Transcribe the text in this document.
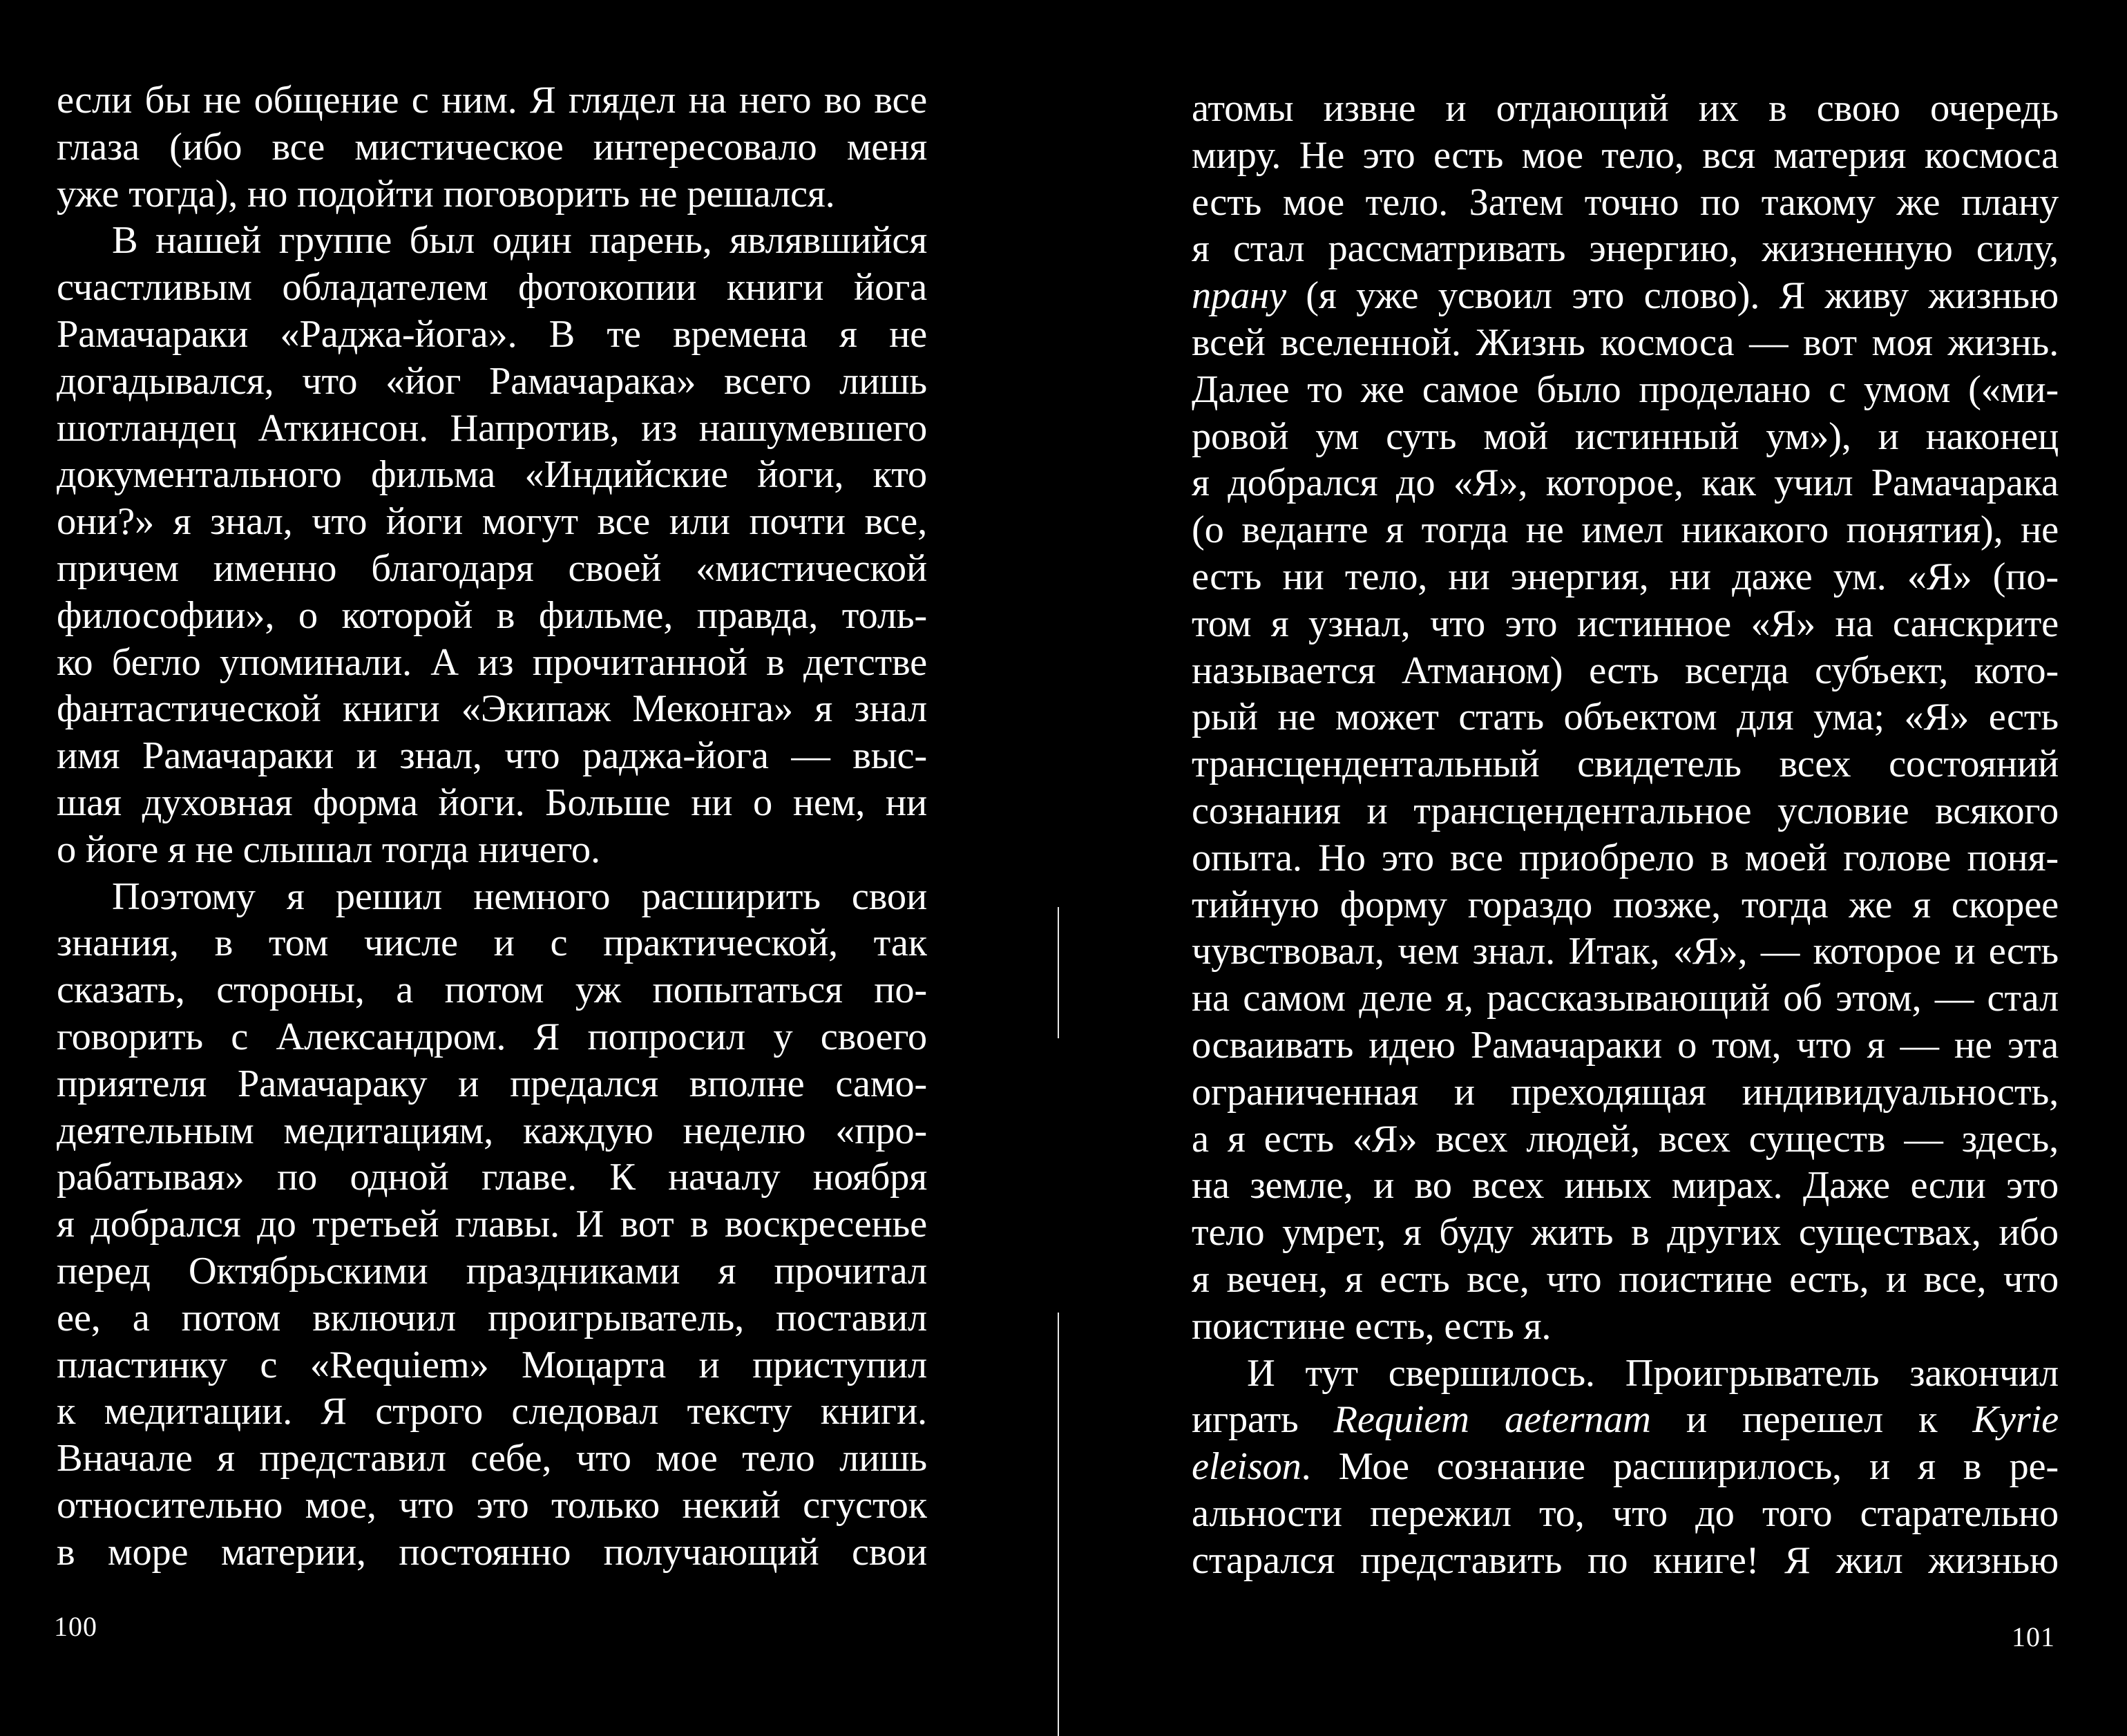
если бы не общение с ним. Я глядел на него во все
глаза (ибо все мистическое интересовало меня
уже тогда), но подойти поговорить не решался.
В нашей группе был один парень, являвшийся
счастливым обладателем фотокопии книги йога
Рамачараки «Раджа-йога». В те времена я не
догадывался, что «йог Рамачарака» всего лишь
шотландец Аткинсон. Напротив, из нашумевшего
документального фильма «Индийские йоги, кто
они?» я знал, что йоги могут все или почти все,
причем именно благодаря своей «мистической
философии», о которой в фильме, правда, толь-
ко бегло упоминали. А из прочитанной в детстве
фантастической книги «Экипаж Меконга» я знал
имя Рамачараки и знал, что раджа-йога — выс-
шая духовная форма йоги. Больше ни о нем, ни
о йоге я не слышал тогда ничего.
Поэтому я решил немного расширить свои
знания, в том числе и с практической, так
сказать, стороны, а потом уж попытаться по-
говорить с Александром. Я попросил у своего
приятеля Рамачараку и предался вполне само-
деятельным медитациям, каждую неделю «про-
рабатывая» по одной главе. К началу ноября
я добрался до третьей главы. И вот в воскресенье
перед Октябрьскими праздниками я прочитал
ее, а потом включил проигрыватель, поставил
пластинку с «Requiem» Моцарта и приступил
к медитации. Я строго следовал тексту книги.
Вначале я представил себе, что мое тело лишь
относительно мое, что это только некий сгусток
в море материи, постоянно получающий свои
100
атомы извне и отдающий их в свою очередь
миру. Не это есть мое тело, вся материя космоса
есть мое тело. Затем точно по такому же плану
я стал рассматривать энергию, жизненную силу,
прану (я уже усвоил это слово). Я живу жизнью
всей вселенной. Жизнь космоса — вот моя жизнь.
Далее то же самое было проделано с умом («ми-
ровой ум суть мой истинный ум»), и наконец
я добрался до «Я», которое, как учил Рамачарака
(о веданте я тогда не имел никакого понятия), не
есть ни тело, ни энергия, ни даже ум. «Я» (по-
том я узнал, что это истинное «Я» на санскрите
называется Атманом) есть всегда субъект, кото-
рый не может стать объектом для ума; «Я» есть
трансцендентальный свидетель всех состояний
сознания и трансцендентальное условие всякого
опыта. Но это все приобрело в моей голове поня-
тийную форму гораздо позже, тогда же я скорее
чувствовал, чем знал. Итак, «Я», — которое и есть
на самом деле я, рассказывающий об этом, — стал
осваивать идею Рамачараки о том, что я — не эта
ограниченная и преходящая индивидуальность,
а я есть «Я» всех людей, всех существ — здесь,
на земле, и во всех иных мирах. Даже если это
тело умрет, я буду жить в других существах, ибо
я вечен, я есть все, что поистине есть, и все, что
поистине есть, есть я.
И тут свершилось. Проигрыватель закончил
играть Requiem aeternam и перешел к Kyrie
eleison. Мое сознание расширилось, и я в ре-
альности пережил то, что до того старательно
старался представить по книге! Я жил жизнью
101
